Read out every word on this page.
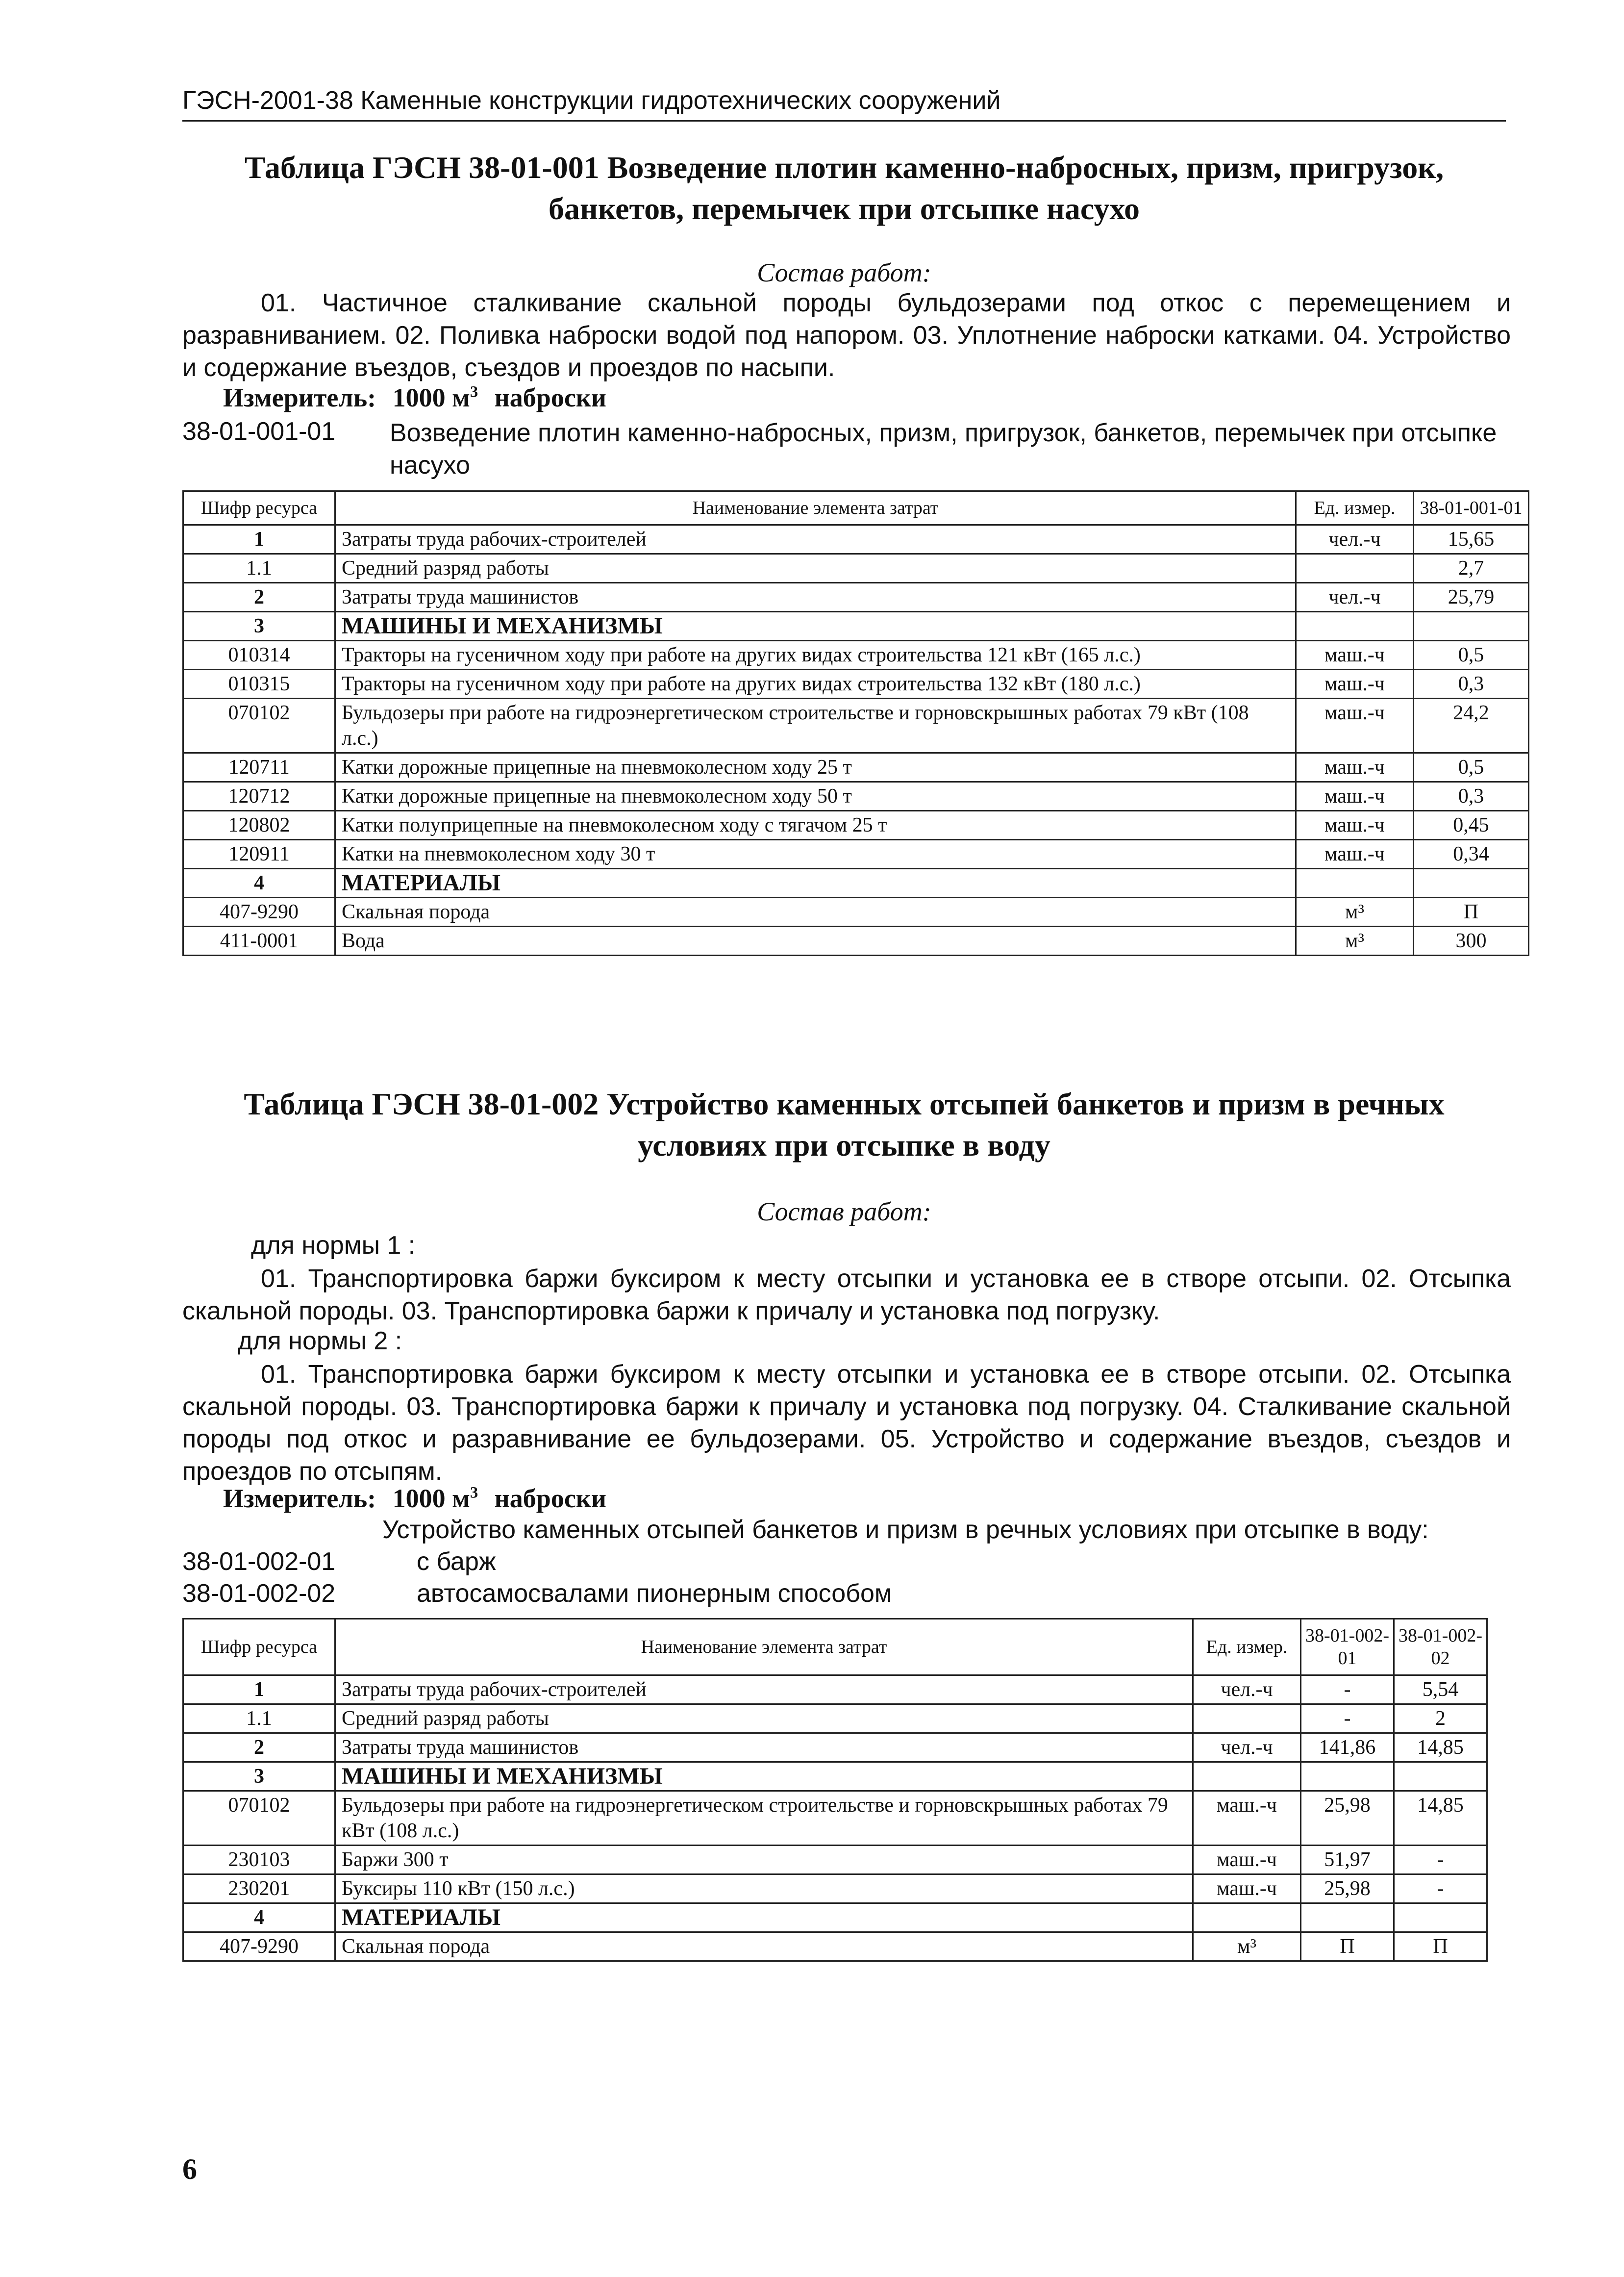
ГЭСН-2001-38 Каменные конструкции гидротехнических сооружений
Таблица ГЭСН 38-01-001 Возведение плотин каменно-набросных, призм, пригрузок,
банкетов, перемычек при отсыпке насухо
Состав работ:
01. Частичное сталкивание скальной породы бульдозерами под откос с перемещением и разравниванием. 02. Поливка наброски водой под напором. 03. Уплотнение наброски катками. 04. Устройство и содержание въездов, съездов и проездов по насыпи.
Измеритель: 1000 $м^3$ наброски
38-01-001-01 Возведение плотин каменно-набросных, призм, пригрузок, банкетов, перемычек при отсыпке насухо
Шифр ресурса	Наименование элемента затрат	Ед. измер.	38-01-001-01
1	Затраты труда рабочих-строителей	чел.-ч	15,65
1.1	Средний разряд работы		2,7
2	Затраты труда машинистов	чел.-ч	25,79
3	МАШИНЫ И МЕХАНИЗМЫ		
010314	Тракторы на гусеничном ходу при работе на других видах строительства 121 кВт (165 л.с.)	маш.-ч	0,5
010315	Тракторы на гусеничном ходу при работе на других видах строительства 132 кВт (180 л.с.)	маш.-ч	0,3
070102	Бульдозеры при работе на гидроэнергетическом строительстве и горновскрышных работах 79 кВт (108 л.с.)	маш.-ч	24,2
120711	Катки дорожные прицепные на пневмоколесном ходу 25 т	маш.-ч	0,5
120712	Катки дорожные прицепные на пневмоколесном ходу 50 т	маш.-ч	0,3
120802	Катки полуприцепные на пневмоколесном ходу с тягачом 25 т	маш.-ч	0,45
120911	Катки на пневмоколесном ходу 30 т	маш.-ч	0,34
4	МАТЕРИАЛЫ		
407-9290	Скальная порода	м³	П
411-0001	Вода	м³	300
Таблица ГЭСН 38-01-002 Устройство каменных отсыпей банкетов и призм в речных
условиях при отсыпке в воду
Состав работ:
для нормы 1 :
01. Транспортировка баржи буксиром к месту отсыпки и установка ее в створе отсыпи. 02. Отсыпка скальной породы. 03. Транспортировка баржи к причалу и установка под погрузку.
для нормы 2 :
01. Транспортировка баржи буксиром к месту отсыпки и установка ее в створе отсыпи. 02. Отсыпка скальной породы. 03. Транспортировка баржи к причалу и установка под погрузку. 04. Сталкивание скальной породы под откос и разравнивание ее бульдозерами. 05. Устройство и содержание въездов, съездов и проездов по отсыпям.
Измеритель: 1000 $м^3$ наброски
Устройство каменных отсыпей банкетов и призм в речных условиях при отсыпке в воду:
38-01-002-01	с барж
38-01-002-02	автосамосвалами пионерным способом
Шифр ресурса	Наименование элемента затрат	Ед. измер.	38-01-002-01	38-01-002-02
1	Затраты труда рабочих-строителей	чел.-ч	-	5,54
1.1	Средний разряд работы		-	2
2	Затраты труда машинистов	чел.-ч	141,86	14,85
3	МАШИНЫ И МЕХАНИЗМЫ			
070102	Бульдозеры при работе на гидроэнергетическом строительстве и горновскрышных работах 79 кВт (108 л.с.)	маш.-ч	25,98	14,85
230103	Баржи 300 т	маш.-ч	51,97	-
230201	Буксиры 110 кВт (150 л.с.)	маш.-ч	25,98	-
4	МАТЕРИАЛЫ			
407-9290	Скальная порода	м³	П	П
6
